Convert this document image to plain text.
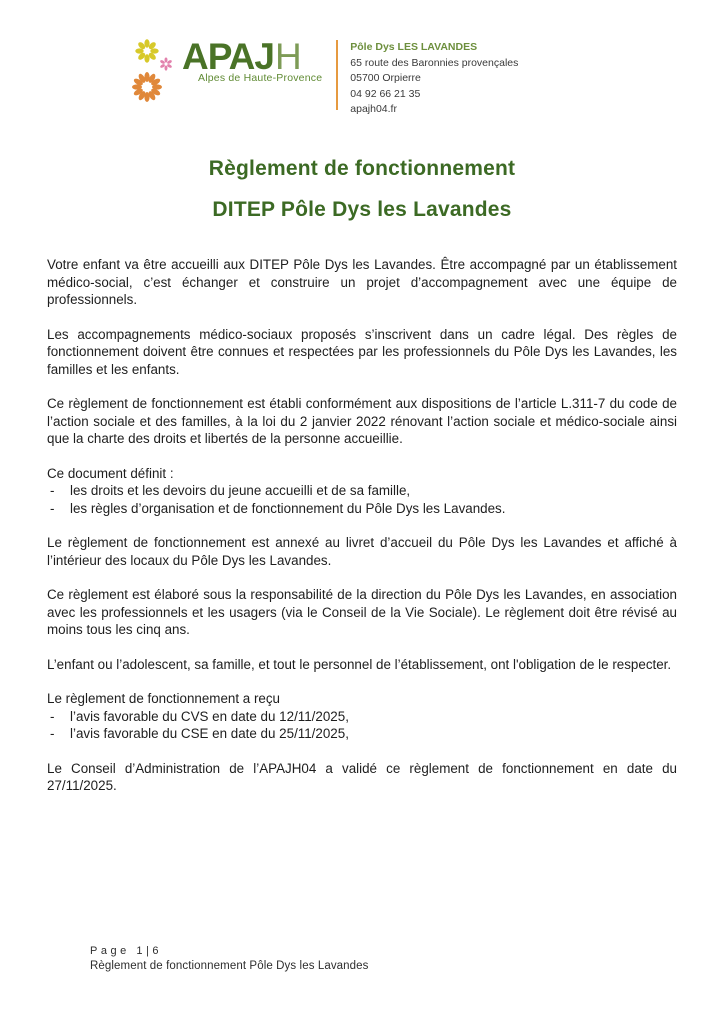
APAJ H
Alpes de Haute-Provence
Pôle Dys LES LAVANDES
65 route des Baronnies provençales
05700 Orpierre
04 92 66 21 35
apajh04.fr
Règlement de fonctionnement
DITEP Pôle Dys les Lavandes

Votre enfant va être accueilli aux DITEP Pôle Dys les Lavandes. Être accompagné par un établissement médico-social, c’est échanger et construire un projet d’accompagnement avec une équipe de professionnels.

Les accompagnements médico-sociaux proposés s’inscrivent dans un cadre légal. Des règles de fonctionnement doivent être connues et respectées par les professionnels du Pôle Dys les Lavandes, les familles et les enfants.

Ce règlement de fonctionnement est établi conformément aux dispositions de l’article L.311-7 du code de l’action sociale et des familles, à la loi du 2 janvier 2022 rénovant l’action sociale et médico-sociale ainsi que la charte des droits et libertés de la personne accueillie.

Ce document définit :

- les droits et les devoirs du jeune accueilli et de sa famille,
- les règles d’organisation et de fonctionnement du Pôle Dys les Lavandes.

Le règlement de fonctionnement est annexé au livret d’accueil du Pôle Dys les Lavandes et affiché à l’intérieur des locaux du Pôle Dys les Lavandes.

Ce règlement est élaboré sous la responsabilité de la direction du Pôle Dys les Lavandes, en association avec les professionnels et les usagers (via le Conseil de la Vie Sociale). Le règlement doit être révisé au moins tous les cinq ans.

L’enfant ou l’adolescent, sa famille, et tout le personnel de l’établissement, ont l'obligation de le respecter.

Le règlement de fonctionnement a reçu

- l’avis favorable du CVS en date du 12/11/2025,
- l’avis favorable du CSE en date du 25/11/2025,

Le Conseil d’Administration de l’APAJH04 a validé ce règlement de fonctionnement en date du 27/11/2025.

Page 1|6
Règlement de fonctionnement Pôle Dys les Lavandes
